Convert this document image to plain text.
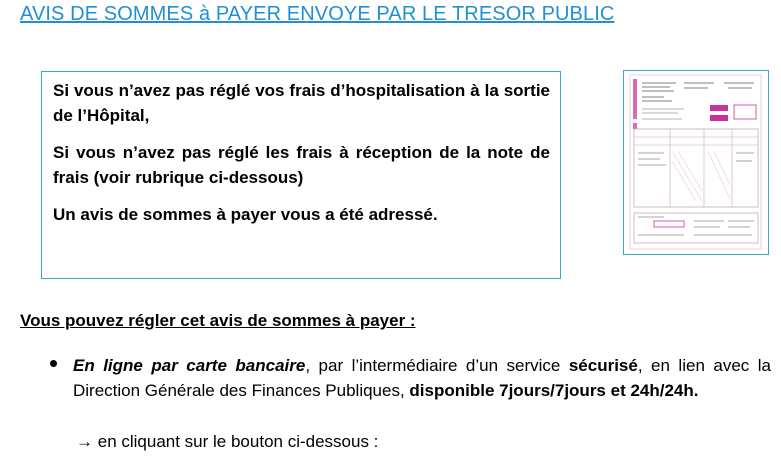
AVIS DE SOMMES à PAYER ENVOYE PAR LE TRESOR PUBLIC

Si vous n’avez pas réglé vos frais d’hospitalisation à la sortie de l’Hôpital,

Si vous n’avez pas réglé les frais à réception de la note de frais (voir rubrique ci-dessous)

Un avis de sommes à payer vous a été adressé.

Vous pouvez régler cet avis de sommes à payer :
En ligne par carte bancaire, par l’intermédiaire d’un service sécurisé, en lien avec la Direction Générale des Finances Publiques, disponible 7jours/7jours et 24h/24h.
→ en cliquant sur le bouton ci-dessous :
